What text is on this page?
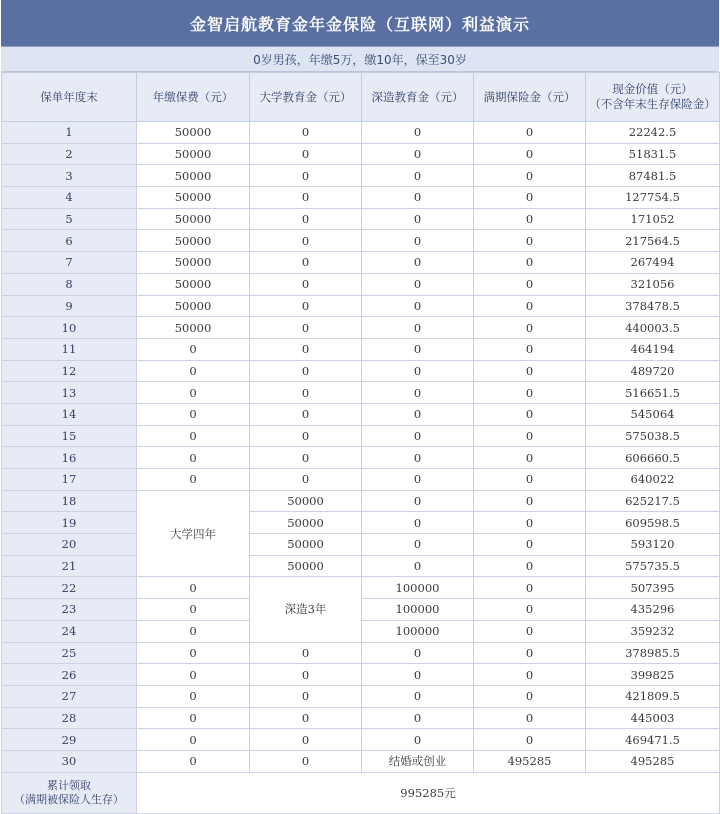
金智启航教育金年金保险（互联网）利益演示
0岁男孩，年缴5万，缴10年，保至30岁
保单年度末	年缴保费（元）	大学教育金（元）	深造教育金（元）	满期保险金（元）	现金价值（元）
（不含年末生存保险金）
1	50000	0	0	0	22242.5
2	50000	0	0	0	51831.5
3	50000	0	0	0	87481.5
4	50000	0	0	0	127754.5
5	50000	0	0	0	171052
6	50000	0	0	0	217564.5
7	50000	0	0	0	267494
8	50000	0	0	0	321056
9	50000	0	0	0	378478.5
10	50000	0	0	0	440003.5
11	0	0	0	0	464194
12	0	0	0	0	489720
13	0	0	0	0	516651.5
14	0	0	0	0	545064
15	0	0	0	0	575038.5
16	0	0	0	0	606660.5
17	0	0	0	0	640022
18	大学四年	50000	0	0	625217.5
19		50000	0	0	609598.5
20		50000	0	0	593120
21		50000	0	0	575735.5
22	0	深造3年	100000	0	507395
23	0		100000	0	435296
24	0		100000	0	359232
25	0	0	0	0	378985.5
26	0	0	0	0	399825
27	0	0	0	0	421809.5
28	0	0	0	0	445003
29	0	0	0	0	469471.5
30	0	0	结婚或创业	495285	495285
累计领取
（满期被保险人生存）	995285元				
